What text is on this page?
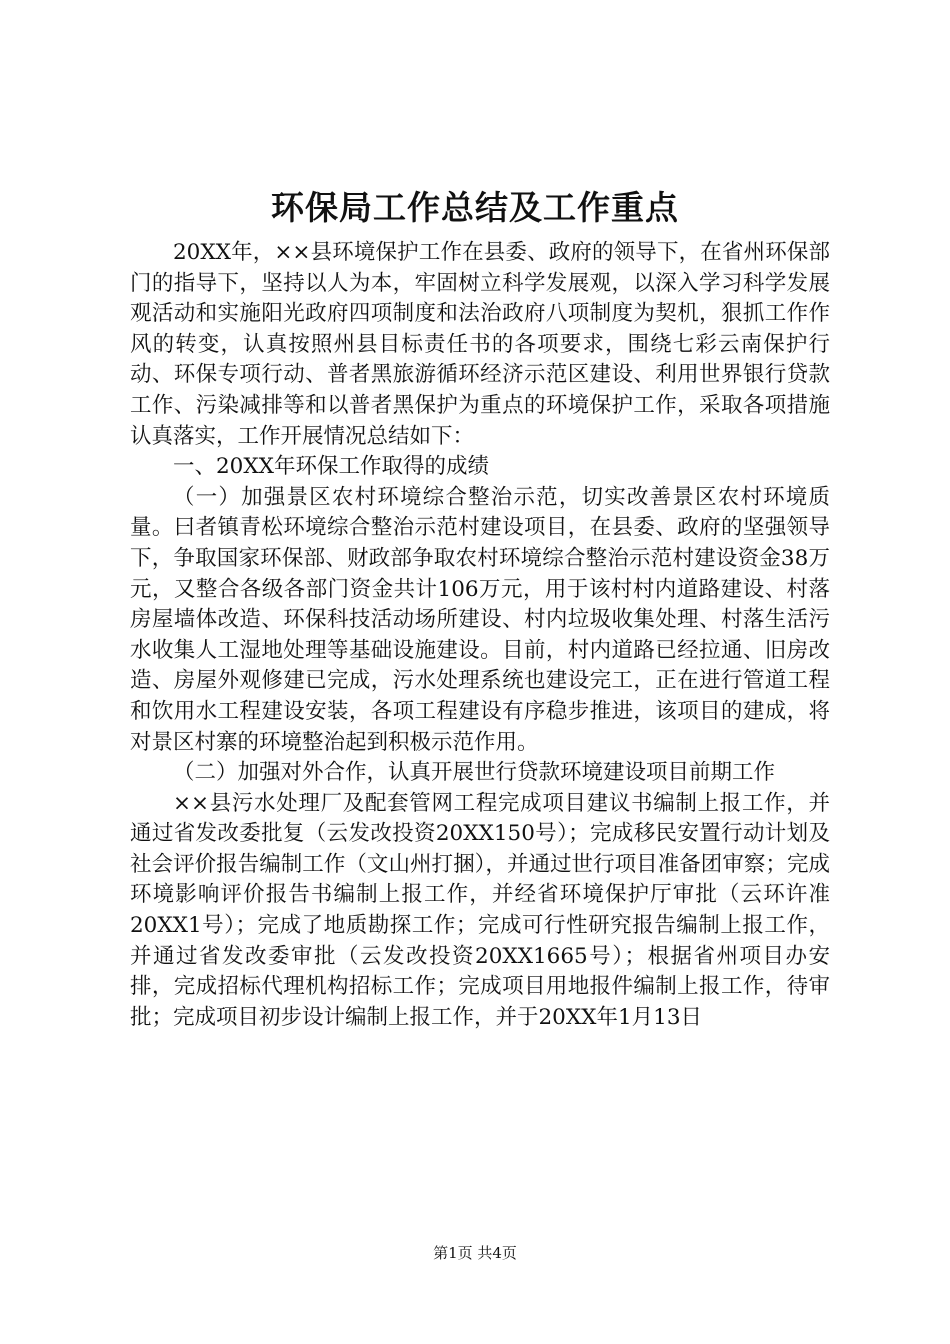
环保局工作总结及工作重点

20XX年，××县环境保护工作在县委、政府的领导下，在省州环保部门的指导下，坚持以人为本，牢固树立科学发展观，以深入学习科学发展观活动和实施阳光政府四项制度和法治政府八项制度为契机，狠抓工作作风的转变，认真按照州县目标责任书的各项要求，围绕七彩云南保护行动、环保专项行动、普者黑旅游循环经济示范区建设、利用世界银行贷款工作、污染减排等和以普者黑保护为重点的环境保护工作，采取各项措施认真落实，工作开展情况总结如下：

一、20XX年环保工作取得的成绩

（一）加强景区农村环境综合整治示范，切实改善景区农村环境质量。曰者镇青松环境综合整治示范村建设项目，在县委、政府的坚强领导下，争取国家环保部、财政部争取农村环境综合整治示范村建设资金38万元，又整合各级各部门资金共计106万元，用于该村村内道路建设、村落房屋墙体改造、环保科技活动场所建设、村内垃圾收集处理、村落生活污水收集人工湿地处理等基础设施建设。目前，村内道路已经拉通、旧房改造、房屋外观修建已完成，污水处理系统也建设完工，正在进行管道工程和饮用水工程建设安装，各项工程建设有序稳步推进，该项目的建成，将对景区村寨的环境整治起到积极示范作用。

（二）加强对外合作，认真开展世行贷款环境建设项目前期工作

××县污水处理厂及配套管网工程完成项目建议书编制上报工作，并通过省发改委批复（云发改投资20XX150号）；完成移民安置行动计划及社会评价报告编制工作（文山州打捆），并通过世行项目准备团审察；完成环境影响评价报告书编制上报工作，并经省环境保护厅审批（云环许准20XX1号）；完成了地质勘探工作；完成可行性研究报告编制上报工作，并通过省发改委审批（云发改投资20XX1665号）；根据省州项目办安排，完成招标代理机构招标工作；完成项目用地报件编制上报工作，待审批；完成项目初步设计编制上报工作，并于20XX年1月13日

第1页 共4页
